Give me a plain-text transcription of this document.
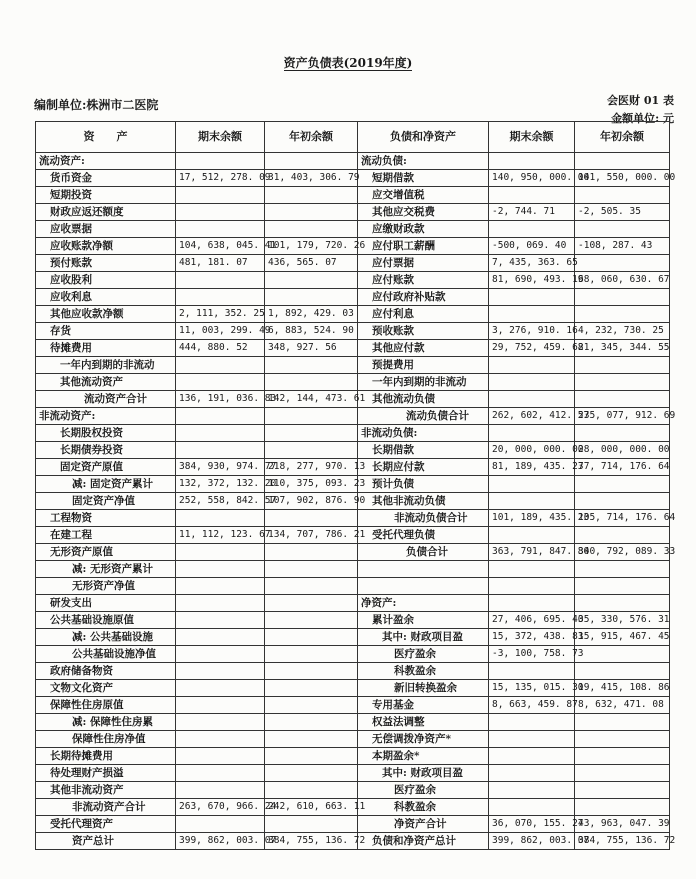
资产负债表(2019年度)
编制单位:株洲市二医院	会医财 01 表
金额单位: 元
资　　产	期末余额	年初余额	负债和净资产	期末余额	年初余额
流动资产:			流动负债:		
货币资金	17, 512, 278. 09	31, 403, 306. 79	短期借款	140, 950, 000. 00	141, 550, 000. 00
短期投资			应交增值税		
财政应返还额度			其他应交税费	-2, 744. 71	-2, 505. 35
应收票据			应缴财政款		
应收账款净额	104, 638, 045. 41	101, 179, 720. 26	应付职工薪酬	-500, 069. 40	-108, 287. 43
预付账款	481, 181. 07	436, 565. 07	应付票据	7, 435, 363. 65	
应收股利			应付账款	81, 690, 493. 19	68, 060, 630. 67
应收利息			应付政府补贴款		
其他应收款净额	2, 111, 352. 25	1, 892, 429. 03	应付利息		
存货	11, 003, 299. 49	6, 883, 524. 90	预收账款	3, 276, 910. 16	4, 232, 730. 25
待摊费用	444, 880. 52	348, 927. 56	其他应付款	29, 752, 459. 68	21, 345, 344. 55
一年内到期的非流动			预提费用		
其他流动资产			一年内到期的非流动		
流动资产合计	136, 191, 036. 83	142, 144, 473. 61	其他流动负债		
非流动资产:			流动负债合计	262, 602, 412. 57	235, 077, 912. 69
长期股权投资			非流动负债:		
长期债券投资			长期借款	20, 000, 000. 00	28, 000, 000. 00
固定资产原值	384, 930, 974. 77	218, 277, 970. 13	长期应付款	81, 189, 435. 23	77, 714, 176. 64
减: 固定资产累计	132, 372, 132. 20	110, 375, 093. 23	预计负债		
固定资产净值	252, 558, 842. 57	107, 902, 876. 90	其他非流动负债		
工程物资			非流动负债合计	101, 189, 435. 23	105, 714, 176. 64
在建工程	11, 112, 123. 67	134, 707, 786. 21	受托代理负债		
无形资产原值			负债合计	363, 791, 847. 80	340, 792, 089. 33
减: 无形资产累计					
无形资产净值					
研发支出			净资产:		
公共基础设施原值			累计盈余	27, 406, 695. 40	35, 330, 576. 31
减: 公共基础设施			其中: 财政项目盈	15, 372, 438. 83	15, 915, 467. 45
公共基础设施净值			医疗盈余	-3, 100, 758. 73	
政府储备物资			科教盈余		
文物文化资产			新旧转换盈余	15, 135, 015. 30	19, 415, 108. 86
保障性住房原值			专用基金	8, 663, 459. 87	8, 632, 471. 08
减: 保障性住房累			权益法调整		
保障性住房净值			无偿调拨净资产*		
长期待摊费用			本期盈余*		
待处理财产损溢			其中: 财政项目盈		
其他非流动资产			医疗盈余		
非流动资产合计	263, 670, 966. 24	242, 610, 663. 11	科教盈余		
受托代理资产			净资产合计	36, 070, 155. 27	43, 963, 047. 39
资产总计	399, 862, 003. 07	384, 755, 136. 72	负债和净资产总计	399, 862, 003. 07	384, 755, 136. 72
